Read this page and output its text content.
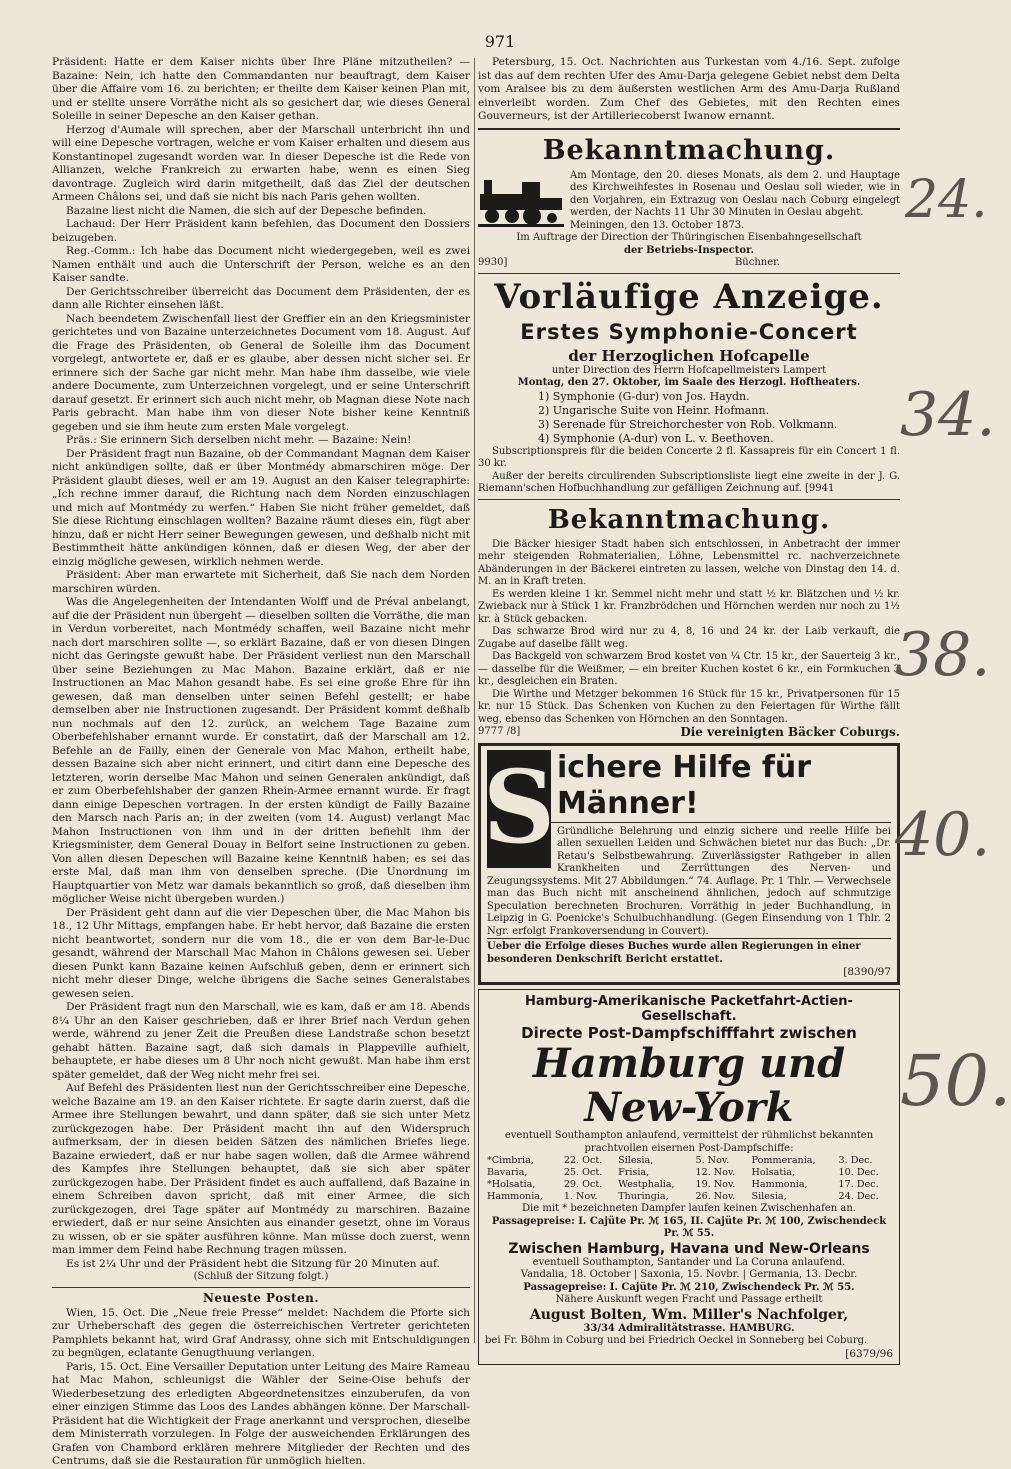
971

Präsident: Hatte er dem Kaiser nichts über Ihre Pläne mitzutheilen? — Bazaine: Nein, ich hatte den Commandanten nur beauftragt, dem Kaiser über die Affaire vom 16. zu berichten; er theilte dem Kaiser keinen Plan mit, und er stellte unsere Vorräthe nicht als so gesichert dar, wie dieses General Soleille in seiner Depesche an den Kaiser gethan.

Herzog d'Aumale will sprechen, aber der Marschall unterbricht ihn und will eine Depesche vortragen, welche er vom Kaiser erhalten und diesem aus Konstantinopel zugesandt worden war. In dieser Depesche ist die Rede von Allianzen, welche Frankreich zu erwarten habe, wenn es einen Sieg davontrage. Zugleich wird darin mitgetheilt, daß das Ziel der deutschen Armeen Châlons sei, und daß sie nicht bis nach Paris gehen wollten.

Bazaine liest nicht die Namen, die sich auf der Depesche befinden.

Lachaud: Der Herr Präsident kann befehlen, das Document den Dossiers beizugeben.

Reg.-Comm.: Ich habe das Document nicht wiedergegeben, weil es zwei Namen enthält und auch die Unterschrift der Person, welche es an den Kaiser sandte.

Der Gerichtsschreiber überreicht das Document dem Präsidenten, der es dann alle Richter einsehen läßt.

Nach beendetem Zwischenfall liest der Greffier ein an den Kriegsminister gerichtetes und von Bazaine unterzeichnetes Document vom 18. August. Auf die Frage des Präsidenten, ob General de Soleille ihm das Document vorgelegt, antwortete er, daß er es glaube, aber dessen nicht sicher sei. Er erinnere sich der Sache gar nicht mehr. Man habe ihm dasselbe, wie viele andere Documente, zum Unterzeichnen vorgelegt, und er seine Unterschrift darauf gesetzt. Er erinnert sich auch nicht mehr, ob Magnan diese Note nach Paris gebracht. Man habe ihm von dieser Note bisher keine Kenntniß gegeben und sie ihm heute zum ersten Male vorgelegt.

Präs.: Sie erinnern Sich derselben nicht mehr. — Bazaine: Nein!

Der Präsident fragt nun Bazaine, ob der Commandant Magnan dem Kaiser nicht ankündigen sollte, daß er über Montmédy abmarschiren möge. Der Präsident glaubt dieses, weil er am 19. August an den Kaiser telegraphirte: „Ich rechne immer darauf, die Richtung nach dem Norden einzuschlagen und mich auf Montmédy zu werfen.“ Haben Sie nicht früher gemeldet, daß Sie diese Richtung einschlagen wollten? Bazaine räumt dieses ein, fügt aber hinzu, daß er nicht Herr seiner Bewegungen gewesen, und deßhalb nicht mit Bestimmtheit hätte ankündigen können, daß er diesen Weg, der aber der einzig mögliche gewesen, wirklich nehmen werde.

Präsident: Aber man erwartete mit Sicherheit, daß Sie nach dem Norden marschiren würden.

Was die Angelegenheiten der Intendanten Wolff und de Préval anbelangt, auf die der Präsident nun übergeht — dieselben sollten die Vorräthe, die man in Verdun vorbereitet, nach Montmédy schaffen, weil Bazaine nicht mehr nach dort marschiren sollte —, so erklärt Bazaine, daß er von diesen Dingen nicht das Geringste gewußt habe. Der Präsident verliest nun den Marschall über seine Beziehungen zu Mac Mahon. Bazaine erklärt, daß er nie Instructionen an Mac Mahon gesandt habe. Es sei eine große Ehre für ihn gewesen, daß man denselben unter seinen Befehl gestellt; er habe demselben aber nie Instructionen zugesandt. Der Präsident kommt deßhalb nun nochmals auf den 12. zurück, an welchem Tage Bazaine zum Oberbefehlshaber ernannt wurde. Er constatirt, daß der Marschall am 12. Befehle an de Failly, einen der Generale von Mac Mahon, ertheilt habe, dessen Bazaine sich aber nicht erinnert, und citirt dann eine Depesche des letzteren, worin derselbe Mac Mahon und seinen Generalen ankündigt, daß er zum Oberbefehlshaber der ganzen Rhein-Armee ernannt wurde. Er fragt dann einige Depeschen vortragen. In der ersten kündigt de Failly Bazaine den Marsch nach Paris an; in der zweiten (vom 14. August) verlangt Mac Mahon Instructionen von ihm und in der dritten befiehlt ihm der Kriegsminister, dem General Douay in Belfort seine Instructionen zu geben. Von allen diesen Depeschen will Bazaine keine Kenntniß haben; es sei das erste Mal, daß man ihm von denselben spreche. (Die Unordnung im Hauptquartier von Metz war damals bekanntlich so groß, daß dieselben ihm möglicher Weise nicht übergeben wurden.)

Der Präsident geht dann auf die vier Depeschen über, die Mac Mahon bis 18., 12 Uhr Mittags, empfangen habe. Er hebt hervor, daß Bazaine die ersten nicht beantwortet, sondern nur die vom 18., die er von dem Bar-le-Duc gesandt, während der Marschall Mac Mahon in Châlons gewesen sei. Ueber diesen Punkt kann Bazaine keinen Aufschluß geben, denn er erinnert sich nicht mehr dieser Dinge, welche übrigens die Sache seines Generalstabes gewesen seien.

Der Präsident fragt nun den Marschall, wie es kam, daß er am 18. Abends 8¼ Uhr an den Kaiser geschrieben, daß er ihrer Brief nach Verdun gehen werde, während zu jener Zeit die Preußen diese Landstraße schon besetzt gehabt hätten. Bazaine sagt, daß sich damals in Plappeville aufhielt, behauptete, er habe dieses um 8 Uhr noch nicht gewußt. Man habe ihm erst später gemeldet, daß der Weg nicht mehr frei sei.

Auf Befehl des Präsidenten liest nun der Gerichtsschreiber eine Depesche, welche Bazaine am 19. an den Kaiser richtete. Er sagte darin zuerst, daß die Armee ihre Stellungen bewahrt, und dann später, daß sie sich unter Metz zurückgezogen habe. Der Präsident macht ihn auf den Widerspruch aufmerksam, der in diesen beiden Sätzen des nämlichen Briefes liege. Bazaine erwiedert, daß er nur habe sagen wollen, daß die Armee während des Kampfes ihre Stellungen behauptet, daß sie sich aber später zurückgezogen habe. Der Präsident findet es auch auffallend, daß Bazaine in einem Schreiben davon spricht, daß mit einer Armee, die sich zurückgezogen, drei Tage später auf Montmédy zu marschiren. Bazaine erwiedert, daß er nur seine Ansichten aus einander gesetzt, ohne im Voraus zu wissen, ob er sie später ausführen könne. Man müsse doch zuerst, wenn man immer dem Feind habe Rechnung tragen müssen.

Es ist 2¼ Uhr und der Präsident hebt die Sitzung für 20 Minuten auf.

(Schluß der Sitzung folgt.)
Neueste Posten.

Wien, 15. Oct. Die „Neue freie Presse“ meldet: Nachdem die Pforte sich zur Urheberschaft des gegen die österreichischen Vertreter gerichteten Pamphlets bekannt hat, wird Graf Andrassy, ohne sich mit Entschuldigungen zu begnügen, eclatante Genugthuung verlangen.

Paris, 15. Oct. Eine Versailler Deputation unter Leitung des Maire Rameau hat Mac Mahon, schleunigst die Wähler der Seine-Oise behufs der Wiederbesetzung des erledigten Abgeordnetensitzes einzuberufen, da von einer einzigen Stimme das Loos des Landes abhängen könne. Der Marschall-Präsident hat die Wichtigkeit der Frage anerkannt und versprochen, dieselbe dem Ministerrath vorzulegen. In Folge der ausweichenden Erklärungen des Grafen von Chambord erklären mehrere Mitglieder der Rechten und des Centrums, daß sie die Restauration für unmöglich hielten.

Petersburg, 15. Oct. Nachrichten aus Turkestan vom 4./16. Sept. zufolge ist das auf dem rechten Ufer des Amu-Darja gelegene Gebiet nebst dem Delta vom Aralsee bis zu dem äußersten westlichen Arm des Amu-Darja Rußland einverleibt worden. Zum Chef des Gebietes, mit den Rechten eines Gouverneurs, ist der Artilleriecoberst Iwanow ernannt.

Bekanntmachung.

Am Montage, den 20. dieses Monats, als dem 2. und Hauptage des Kirchweihfestes in Rosenau und Oeslau soll wieder, wie in den Vorjahren, ein Extrazug von Oeslau nach Coburg eingelegt werden, der Nachts 11 Uhr 30 Minuten in Oeslau abgeht.

Meiningen, den 13. October 1873.
Im Auftrage der Direction der Thüringischen Eisenbahngesellschaft
der Betriebs-Inspector.
9930]	Büchner.
Vorläufige Anzeige.
Erstes Symphonie-Concert
der Herzoglichen Hofcapelle
unter Direction des Herrn Hofcapellmeisters Lampert
Montag, den 27. Oktober, im Saale des Herzogl. Hoftheaters.
1) Symphonie (G-dur) von Jos. Haydn.
2) Ungarische Suite von Heinr. Hofmann.
3) Serenade für Streichorchester von Rob. Volkmann.
4) Symphonie (A-dur) von L. v. Beethoven.

Subscriptionspreis für die beiden Concerte 2 fl. Kassapreis für ein Concert 1 fl. 30 kr.

Außer der bereits circulirenden Subscriptionsliste liegt eine zweite in der J. G. Riemann'schen Hofbuchhandlung zur gefälligen Zeichnung auf. [9941

Bekanntmachung.

Die Bäcker hiesiger Stadt haben sich entschlossen, in Anbetracht der immer mehr steigenden Rohmaterialien, Löhne, Lebensmittel rc. nachverzeichnete Abänderungen in der Bäckerei eintreten zu lassen, welche von Dinstag den 14. d. M. an in Kraft treten.

Es werden kleine 1 kr. Semmel nicht mehr und statt ½ kr. Blätzchen und ½ kr. Zwieback nur à Stück 1 kr. Franzbrödchen und Hörnchen werden nur noch zu 1½ kr. à Stück gebacken.

Das schwarze Brod wird nur zu 4, 8, 16 und 24 kr. der Laib verkauft, die Zugabe auf daselbe fällt weg.

Das Backgeld von schwarzem Brod kostet von ¼ Ctr. 15 kr., der Sauerteig 3 kr., — dasselbe für die Weißmer, — ein breiter Kuchen kostet 6 kr., ein Formkuchen 3 kr., desgleichen ein Braten.

Die Wirthe und Metzger bekommen 16 Stück für 15 kr., Privatpersonen für 15 kr. nur 15 Stück. Das Schenken von Kuchen zu den Feiertagen für Wirthe fällt weg, ebenso das Schenken von Hörnchen an den Sonntagen.

9777 /8]	Die vereinigten Bäcker Coburgs.
S ichere Hilfe für Männer!

Gründliche Belehrung und einzig sichere und reelle Hilfe bei allen sexuellen Leiden und Schwächen bietet nur das Buch: „Dr. Retau's Selbstbewahrung. Zuverlässigster Rathgeber in allen Krankheiten und Zerrüttungen des Nerven- und Zeugungssystems. Mit 27 Abbildungen.“ 74. Auflage. Pr. 1 Thlr. — Verwechsele man das Buch nicht mit anscheinend ähnlichen, jedoch auf schmutzige Speculation berechneten Brochuren. Vorräthig in jeder Buchhandlung, in Leipzig in G. Poenicke's Schulbuchhandlung. (Gegen Einsendung von 1 Thlr. 2 Ngr. erfolgt Frankoversendung in Couvert).

Ueber die Erfolge dieses Buches wurde allen Regierungen in einer besonderen Denkschrift Bericht erstattet.
[8390/97
Hamburg-Amerikanische Packetfahrt-Actien-Gesellschaft.
Directe Post-Dampfschifffahrt zwischen
Hamburg und New-York
eventuell Southampton anlaufend, vermittelst der rühmlichst bekannten prachtvollen eisernen Post-Dampfschiffe:
*Cimbria,	22. Oct.	Silesia,	5. Nov.	Pommerania,	3. Dec.
Bavaria,	25. Oct.	Frisia,	12. Nov.	Holsatia,	10. Dec.
*Holsatia,	29. Oct.	Westphalia,	19. Nov.	Hammonia,	17. Dec.
Hammonia,	1. Nov.	Thuringia,	26. Nov.	Silesia,	24. Dec.
Die mit * bezeichneten Dampfer laufen keinen Zwischenhafen an.
Passagepreise: I. Cajüte Pr. ℳ 165, II. Cajüte Pr. ℳ 100, Zwischendeck Pr. ℳ 55.
Zwischen Hamburg, Havana und New-Orleans
eventuell Southampton, Santander und La Coruna anlaufend.
Vandalia, 18. October | Saxonia, 15. Novbr. | Germania, 13. Decbr.
Passagepreise: I. Cajüte Pr. ℳ 210, Zwischendeck Pr. ℳ 55.
Nähere Auskunft wegen Fracht und Passage ertheilt
August Bolten, Wm. Miller's Nachfolger,
33/34 Admiralitätstrasse. HAMBURG.
bei Fr. Böhm in Coburg und bei Friedrich Oeckel in Sonneberg bei Coburg.
[6379/96
24.
34.
38.
40.
50.
